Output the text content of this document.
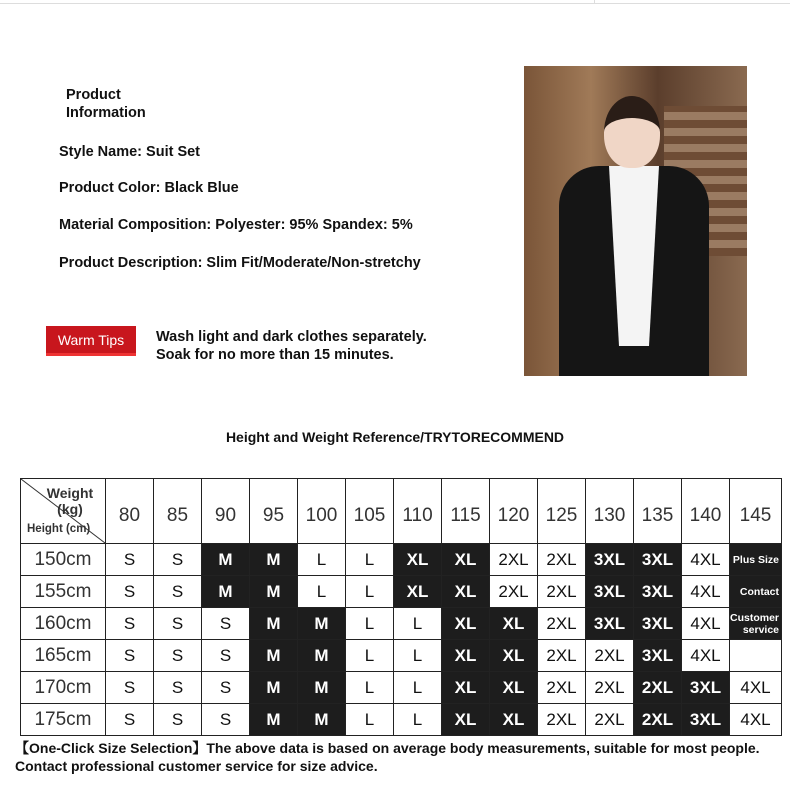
Product Information
Style Name: Suit Set
Product Color: Black Blue
Material Composition: Polyester: 95% Spandex: 5%
Product Description: Slim Fit/Moderate/Non-stretchy
Warm Tips	Wash light and dark clothes separately.
Soak for no more than 15 minutes.
Height and Weight Reference/TRYTORECOMMEND
Weight (kg)
Height (cm)	80	85	90	95	100	105	110	115	120	125	130	135	140	145
150cm	S	S	M	M	L	L	XL	XL	2XL	2XL	3XL	3XL	4XL	Plus Size
155cm	S	S	M	M	L	L	XL	XL	2XL	2XL	3XL	3XL	4XL	Contact
160cm	S	S	S	M	M	L	L	XL	XL	2XL	3XL	3XL	4XL	Customer service
165cm	S	S	S	M	M	L	L	XL	XL	2XL	2XL	3XL	4XL	
170cm	S	S	S	M	M	L	L	XL	XL	2XL	2XL	2XL	3XL	4XL
175cm	S	S	S	M	M	L	L	XL	XL	2XL	2XL	2XL	3XL	4XL
【One-Click Size Selection】The above data is based on average body measurements, suitable for most people.
Contact professional customer service for size advice.
